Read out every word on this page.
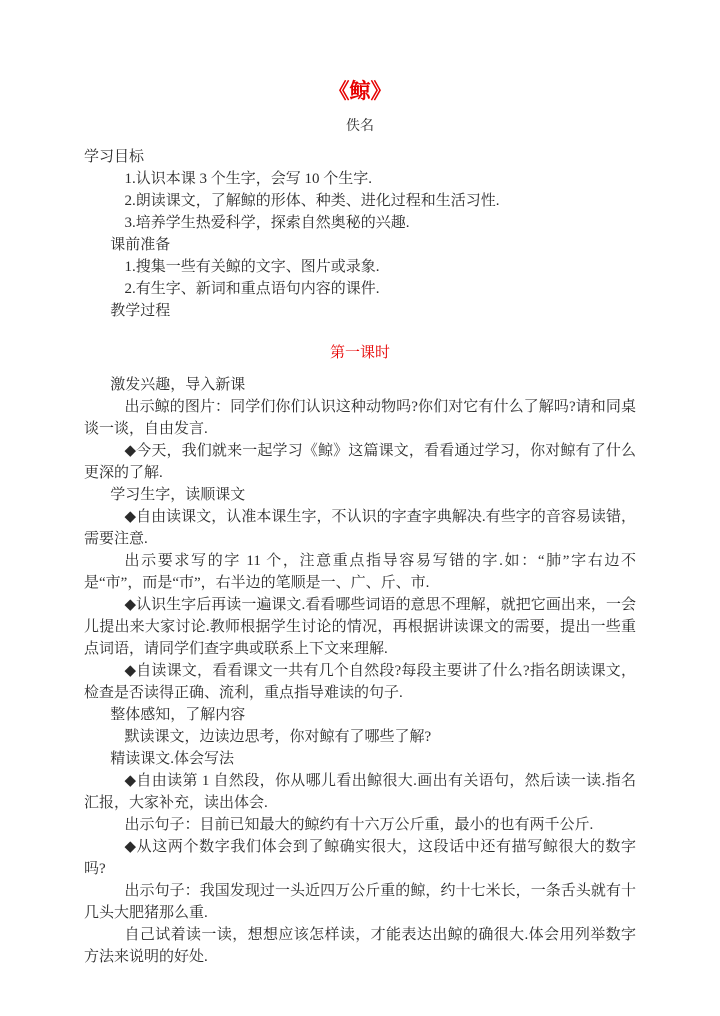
《鲸》
佚名

学习目标

1.认识本课 3 个生字，会写 10 个生字.

2.朗读课文，了解鲸的形体、种类、进化过程和生活习性.

3.培养学生热爱科学，探索自然奥秘的兴趣.

课前准备

1.搜集一些有关鲸的文字、图片或录象.

2.有生字、新词和重点语句内容的课件.

教学过程

第一课时

激发兴趣，导入新课

出示鲸的图片：同学们你们认识这种动物吗?你们对它有什么了解吗?请和同桌谈一谈，自由发言.

◆今天，我们就来一起学习《鲸》这篇课文，看看通过学习，你对鲸有了什么更深的了解.

学习生字，读顺课文

◆自由读课文，认准本课生字，不认识的字查字典解决.有些字的音容易读错，需要注意.

出示要求写的字 11 个，注意重点指导容易写错的字.如：“肺”字右边不是“市”，而是“巿”，右半边的笔顺是一、广、斤、市.

◆认识生字后再读一遍课文.看看哪些词语的意思不理解，就把它画出来，一会儿提出来大家讨论.教师根据学生讨论的情况，再根据讲读课文的需要，提出一些重点词语，请同学们查字典或联系上下文来理解.

◆自读课文，看看课文一共有几个自然段?每段主要讲了什么?指名朗读课文，检查是否读得正确、流利，重点指导难读的句子.

整体感知，了解内容

默读课文，边读边思考，你对鲸有了哪些了解?

精读课文.体会写法

◆自由读第 1 自然段，你从哪儿看出鲸很大.画出有关语句，然后读一读.指名汇报，大家补充，读出体会.

出示句子：目前已知最大的鲸约有十六万公斤重，最小的也有两千公斤.

◆从这两个数字我们体会到了鲸确实很大，这段话中还有描写鲸很大的数字吗?

出示句子：我国发现过一头近四万公斤重的鲸，约十七米长，一条舌头就有十几头大肥猪那么重.

自己试着读一读，想想应该怎样读，才能表达出鲸的确很大.体会用列举数字方法来说明的好处.
